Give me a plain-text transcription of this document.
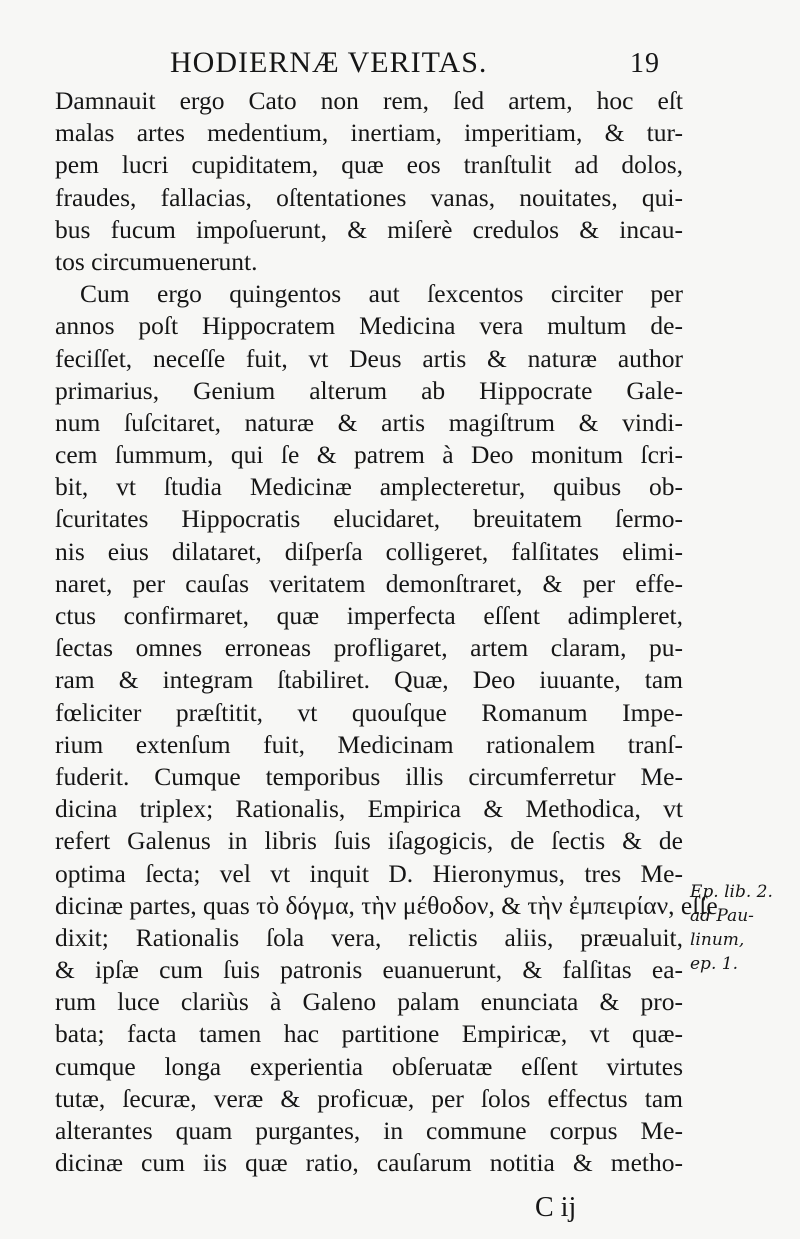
HODIERNÆ VERITAS.	19
Damnauit ergo Cato non rem, ſed artem, hoc eſt
malas artes medentium, inertiam, imperitiam, & tur-
pem lucri cupiditatem, quæ eos tranſtulit ad dolos,
fraudes, fallacias, oſtentationes vanas, nouitates, qui-
bus fucum impoſuerunt, & miſerè credulos & incau-
tos circumuenerunt.
Cum ergo quingentos aut ſexcentos circiter per
annos poſt Hippocratem Medicina vera multum de-
feciſſet, neceſſe fuit, vt Deus artis & naturæ author
primarius, Genium alterum ab Hippocrate Gale-
num ſuſcitaret, naturæ & artis magiſtrum & vindi-
cem ſummum, qui ſe & patrem à Deo monitum ſcri-
bit, vt ſtudia Medicinæ amplecteretur, quibus ob-
ſcuritates Hippocratis elucidaret, breuitatem ſermo-
nis eius dilataret, diſperſa colligeret, falſitates elimi-
naret, per cauſas veritatem demonſtraret, & per effe-
ctus confirmaret, quæ imperfecta eſſent adimpleret,
ſectas omnes erroneas profligaret, artem claram, pu-
ram & integram ſtabiliret. Quæ, Deo iuuante, tam
fœliciter præſtitit, vt quouſque Romanum Impe-
rium extenſum fuit, Medicinam rationalem tranſ-
fuderit. Cumque temporibus illis circumferretur Me-
dicina triplex; Rationalis, Empirica & Methodica, vt
refert Galenus in libris ſuis iſagogicis, de ſectis & de
optima ſecta; vel vt inquit D. Hieronymus, tres Me-
dicinæ partes, quas τὸ δόγμα, τὴν μέθοδον, & τὴν ἐμπειρίαν, eſſe
dixit; Rationalis ſola vera, relictis aliis, præualuit,
& ipſæ cum ſuis patronis euanuerunt, & falſitas ea-
rum luce clariùs à Galeno palam enunciata & pro-
bata; facta tamen hac partitione Empiricæ, vt quæ-
cumque longa experientia obſeruatæ eſſent virtutes
tutæ, ſecuræ, veræ & proficuæ, per ſolos effectus tam
alterantes quam purgantes, in commune corpus Me-
dicinæ cum iis quæ ratio, cauſarum notitia & metho-
Ep. lib. 2.
ad Pau-
linum,
ep. 1.
C ij
